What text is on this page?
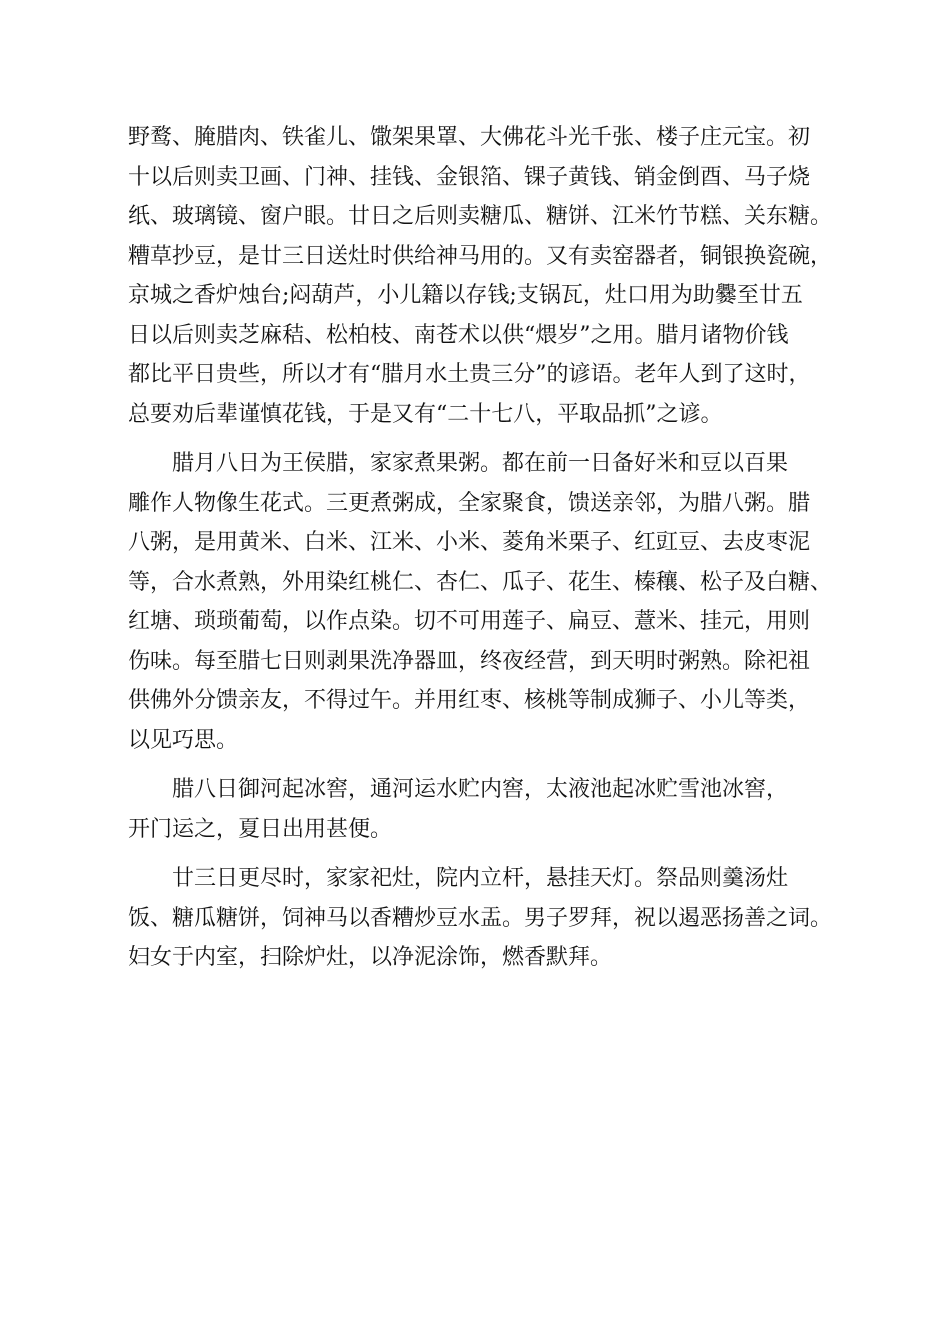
野鹜、腌腊肉、铁雀儿、馓架果罩、大佛花斗光千张、楼子庄元宝。初
十以后则卖卫画、门神、挂钱、金银箔、锞子黄钱、销金倒酉、马子烧
纸、玻璃镜、窗户眼。廿日之后则卖糖瓜、糖饼、江米竹节糕、关东糖。
糟草抄豆，是廿三日送灶时供给神马用的。又有卖窑器者，铜银换瓷碗，
京城之香炉烛台;闷葫芦，小儿籍以存钱;支锅瓦，灶口用为助爨至廿五
日以后则卖芝麻秸、松柏枝、南苍术以供“煨岁”之用。腊月诸物价钱
都比平日贵些，所以才有“腊月水土贵三分”的谚语。老年人到了这时，
总要劝后辈谨慎花钱，于是又有“二十七八，平取品抓”之谚。
腊月八日为王侯腊，家家煮果粥。都在前一日备好米和豆以百果
雕作人物像生花式。三更煮粥成，全家聚食，馈送亲邻，为腊八粥。腊
八粥，是用黄米、白米、江米、小米、菱角米栗子、红豇豆、去皮枣泥
等，合水煮熟，外用染红桃仁、杏仁、瓜子、花生、榛穰、松子及白糖、
红塘、琐琐葡萄，以作点染。切不可用莲子、扁豆、薏米、挂元，用则
伤味。每至腊七日则剥果洗净器皿，终夜经营，到天明时粥熟。除祀祖
供佛外分馈亲友，不得过午。并用红枣、核桃等制成狮子、小儿等类，
以见巧思。
腊八日御河起冰窖，通河运水贮内窖，太液池起冰贮雪池冰窖，
开门运之，夏日出用甚便。
廿三日更尽时，家家祀灶，院内立杆，悬挂天灯。祭品则羹汤灶
饭、糖瓜糖饼，饲神马以香糟炒豆水盂。男子罗拜，祝以遏恶扬善之词。
妇女于内室，扫除炉灶，以净泥涂饰，燃香默拜。
